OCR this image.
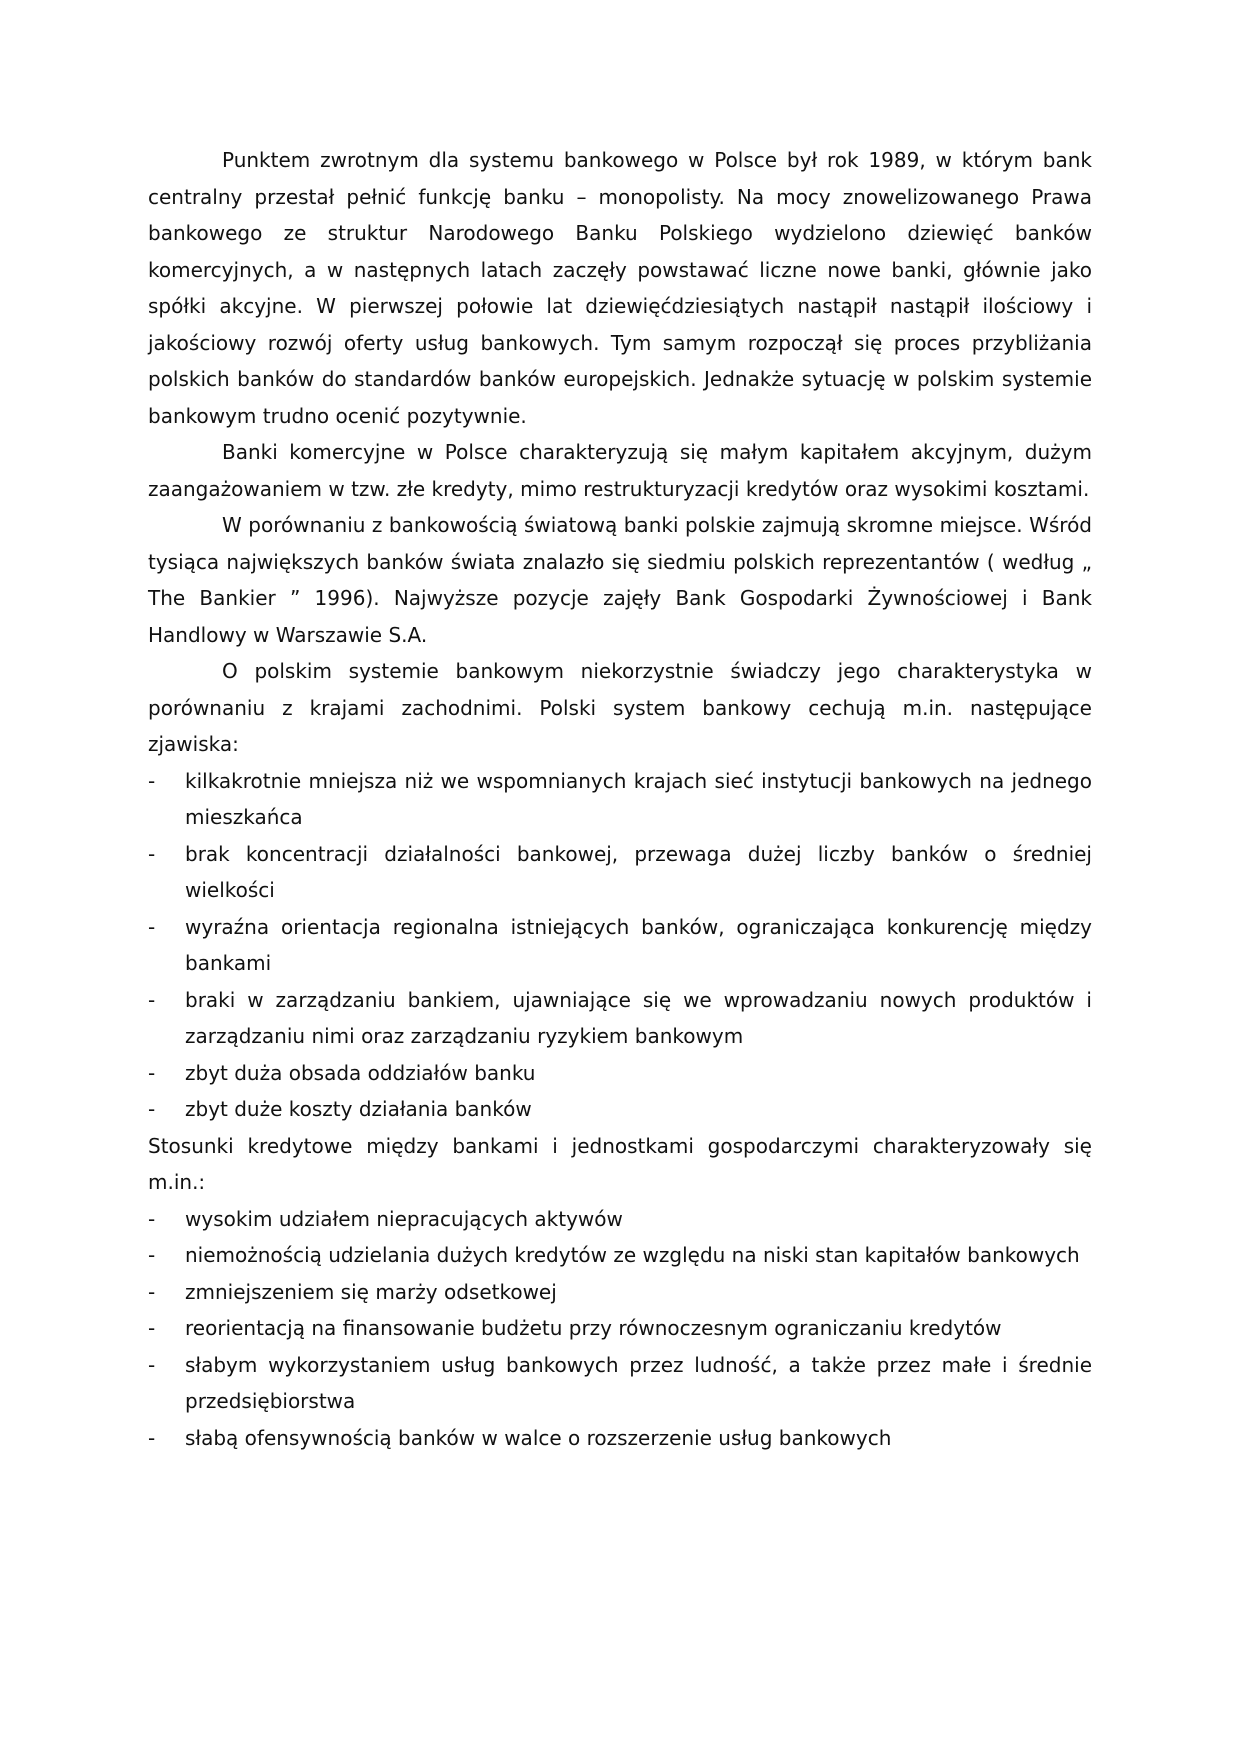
Punktem zwrotnym dla systemu bankowego w Polsce był rok 1989, w którym bank centralny przestał pełnić funkcję banku – monopolisty. Na mocy znowelizowanego Prawa bankowego ze struktur Narodowego Banku Polskiego wydzielono dziewięć banków komercyjnych, a w następnych latach zaczęły powstawać liczne nowe banki, głównie jako spółki akcyjne. W pierwszej połowie lat dziewięćdziesiątych nastąpił nastąpił ilościowy i jakościowy rozwój oferty usług bankowych. Tym samym rozpoczął się proces przybliżania polskich banków do standardów banków europejskich. Jednakże sytuację w polskim systemie bankowym trudno ocenić pozytywnie.

Banki komercyjne w Polsce charakteryzują się małym kapitałem akcyjnym, dużym zaangażowaniem w tzw. złe kredyty, mimo restrukturyzacji kredytów oraz wysokimi kosztami.

W porównaniu z bankowością światową banki polskie zajmują skromne miejsce. Wśród tysiąca największych banków świata znalazło się siedmiu polskich reprezentantów ( według „ The Bankier ” 1996). Najwyższe pozycje zajęły Bank Gospodarki Żywnościowej i Bank Handlowy w Warszawie S.A.

O polskim systemie bankowym niekorzystnie świadczy jego charakterystyka w porównaniu z krajami zachodnimi. Polski system bankowy cechują m.in. następujące zjawiska:

- kilkakrotnie mniejsza niż we wspomnianych krajach sieć instytucji bankowych na jednego mieszkańca
- brak koncentracji działalności bankowej, przewaga dużej liczby banków o średniej wielkości
- wyraźna orientacja regionalna istniejących banków, ograniczająca konkurencję między bankami
- braki w zarządzaniu bankiem, ujawniające się we wprowadzaniu nowych produktów i zarządzaniu nimi oraz zarządzaniu ryzykiem bankowym
- zbyt duża obsada oddziałów banku
- zbyt duże koszty działania banków

Stosunki kredytowe między bankami i jednostkami gospodarczymi charakteryzowały się m.in.:

- wysokim udziałem niepracujących aktywów
- niemożnością udzielania dużych kredytów ze względu na niski stan kapitałów bankowych
- zmniejszeniem się marży odsetkowej
- reorientacją na finansowanie budżetu przy równoczesnym ograniczaniu kredytów
- słabym wykorzystaniem usług bankowych przez ludność, a także przez małe i średnie przedsiębiorstwa
- słabą ofensywnością banków w walce o rozszerzenie usług bankowych
